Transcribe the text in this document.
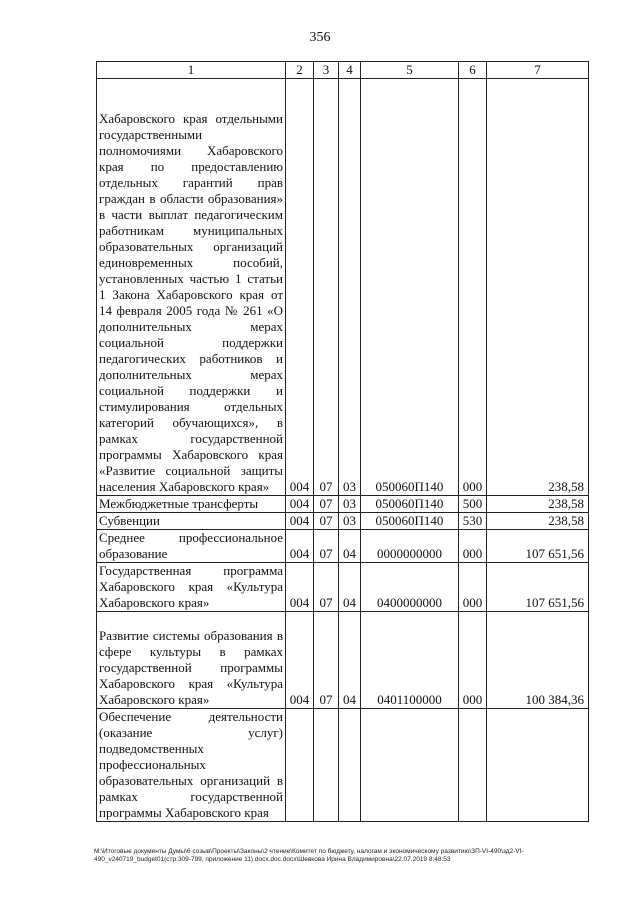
356
1	2	3	4	5	6	7
Хабаровского края отдельными государственными полномочиями Хабаровского края по предоставлению отдельных гарантий прав граждан в области образования» в части выплат педагогическим работникам муниципальных образовательных организаций единовременных пособий, установленных частью 1 статьи 1 Закона Хабаровского края от 14 февраля 2005 года № 261 «О дополнительных мерах социальной поддержки педагогических работников и дополнительных мерах социальной поддержки и стимулирования отдельных категорий обучающихся», в рамках государственной программы Хабаровского края «Развитие социальной защиты населения Хабаровского края»	004	07	03	050060П140	000	238,58
Межбюджетные трансферты	004	07	03	050060П140	500	238,58
Субвенции	004	07	03	050060П140	530	238,58
Среднее профессиональное образование	004	07	04	0000000000	000	107 651,56
Государственная программа Хабаровского края «Культура Хабаровского края»	004	07	04	0400000000	000	107 651,56
Развитие системы образования в сфере культуры в рамках государственной программы Хабаровского края «Культура Хабаровского края»	004	07	04	0401100000	000	100 384,36
Обеспечение деятельности (оказание услуг) подведомственных профессиональных образовательных организаций в рамках государственной программы Хабаровского края						
M:\Итоговые документы Думы\6 созыв\Проекты\Законы\2 чтение\Комитет по бюджету, налогам и экономическому развитию\ЗП-VI-490\зд2-VI-490_v240719_budget01(стр.309-799, приложение 11).docx.doc.docx\Шевкова Ирина Владимировна\22.07.2019 8:48:53
